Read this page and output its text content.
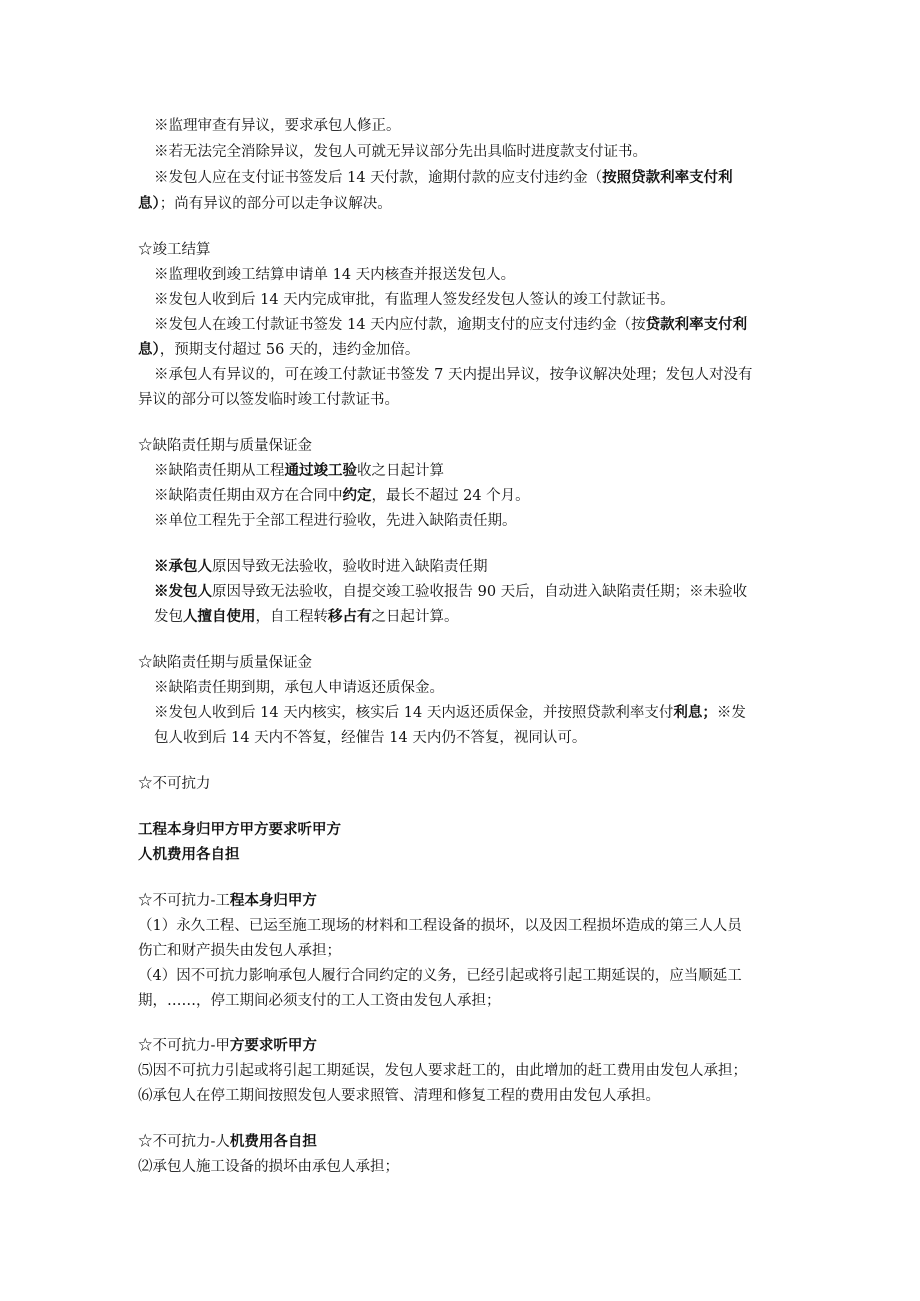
※监理审查有异议，要求承包人修正。
※若无法完全消除异议，发包人可就无异议部分先出具临时进度款支付证书。
※发包人应在支付证书签发后 14 天付款，逾期付款的应支付违约金（按照贷款利率支付利
息）；尚有异议的部分可以走争议解决。
☆竣工结算
※监理收到竣工结算申请单 14 天内核查并报送发包人。
※发包人收到后 14 天内完成审批，有监理人签发经发包人签认的竣工付款证书。
※发包人在竣工付款证书签发 14 天内应付款，逾期支付的应支付违约金（按贷款利率支付利
息），预期支付超过 56 天的，违约金加倍。
※承包人有异议的，可在竣工付款证书签发 7 天内提出异议，按争议解决处理；发包人对没有
异议的部分可以签发临时竣工付款证书。
☆缺陷责任期与质量保证金
※缺陷责任期从工程通过竣工验收之日起计算
※缺陷责任期由双方在合同中约定，最长不超过 24 个月。
※单位工程先于全部工程进行验收，先进入缺陷责任期。
※承包人原因导致无法验收，验收时进入缺陷责任期
※发包人原因导致无法验收，自提交竣工验收报告 90 天后，自动进入缺陷责任期；※未验收
发包人擅自使用，自工程转移占有之日起计算。
☆缺陷责任期与质量保证金
※缺陷责任期到期，承包人申请返还质保金。
※发包人收到后 14 天内核实，核实后 14 天内返还质保金，并按照贷款利率支付利息；※发
包人收到后 14 天内不答复，经催告 14 天内仍不答复，视同认可。
☆不可抗力
工程本身归甲方甲方要求听甲方
人机费用各自担
☆不可抗力-工程本身归甲方
（1）永久工程、已运至施工现场的材料和工程设备的损坏，以及因工程损坏造成的第三人人员
伤亡和财产损失由发包人承担；
（4）因不可抗力影响承包人履行合同约定的义务，已经引起或将引起工期延误的，应当顺延工
期，……，停工期间必须支付的工人工资由发包人承担；
☆不可抗力-甲方要求听甲方
⑸因不可抗力引起或将引起工期延误，发包人要求赶工的，由此增加的赶工费用由发包人承担；
⑹承包人在停工期间按照发包人要求照管、清理和修复工程的费用由发包人承担。
☆不可抗力-人机费用各自担
⑵承包人施工设备的损坏由承包人承担；
